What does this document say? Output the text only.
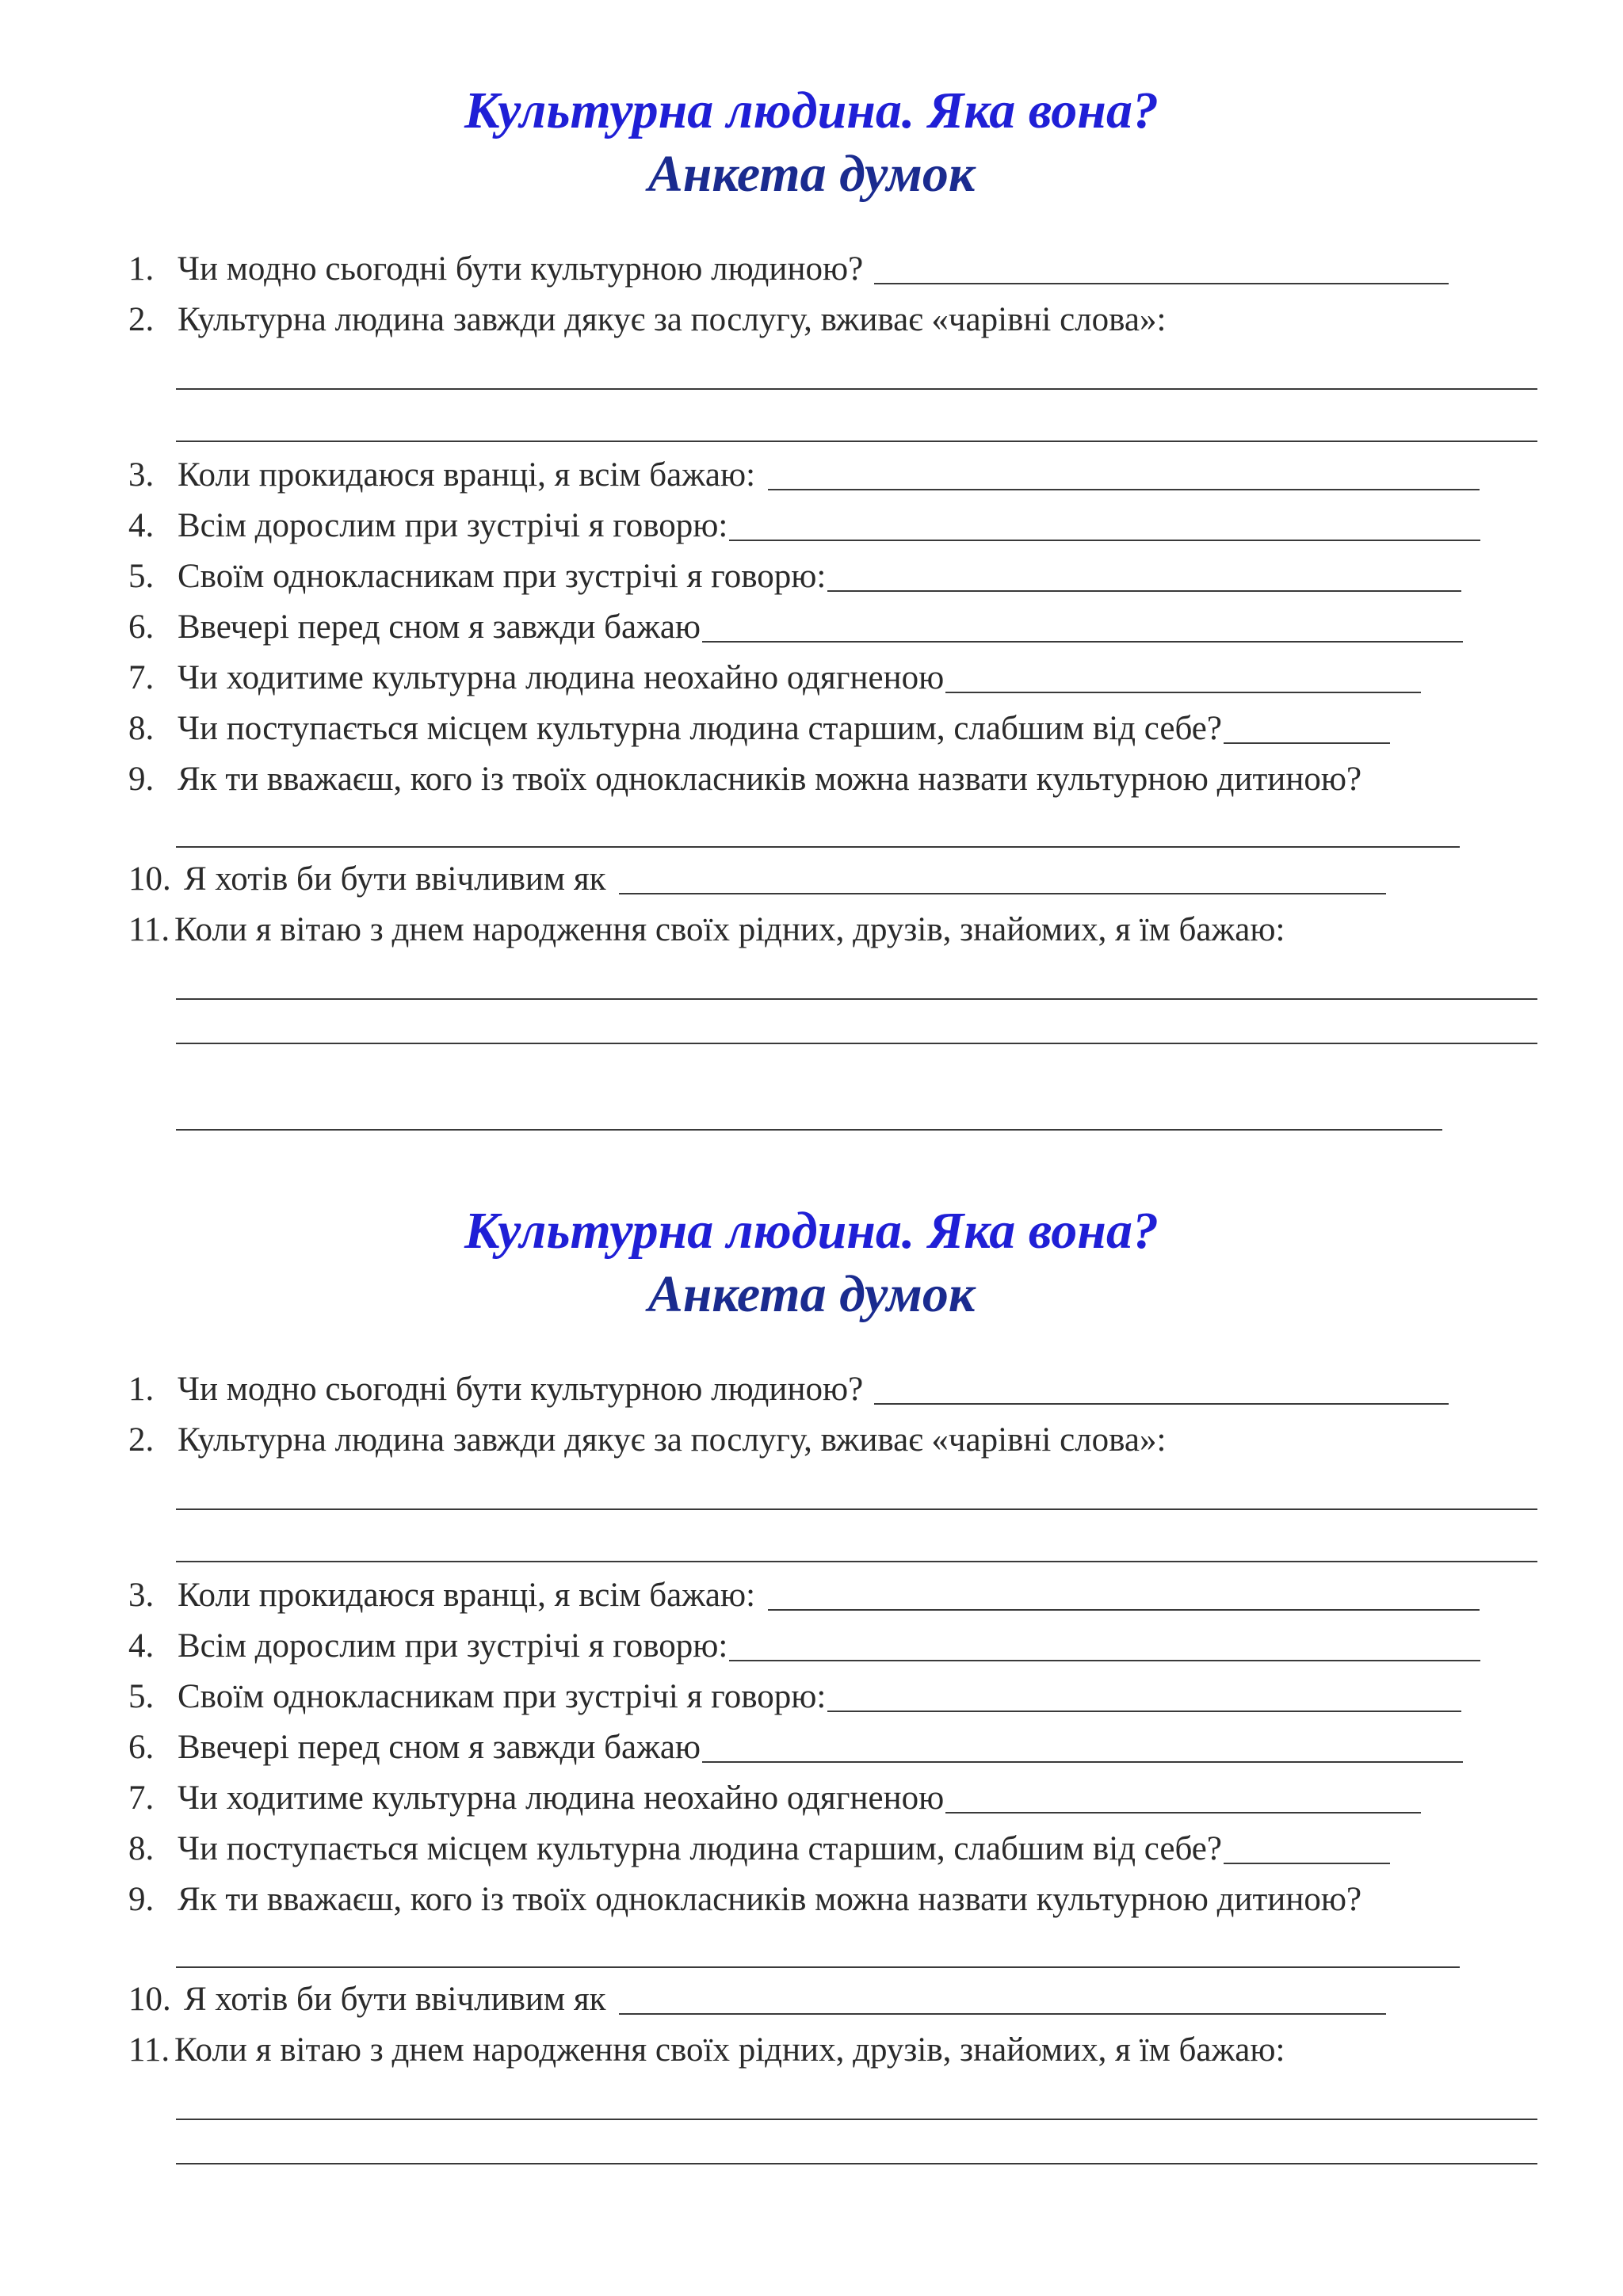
Культурна людина. Яка вона?
Анкета думок
1. Чи модно сьогодні бути культурною людиною?
2. Культурна людина завжди дякує за послугу, вживає «чарівні слова»:
3. Коли прокидаюся вранці, я всім бажаю:
4. Всім дорослим при зустрічі я говорю:
5. Своїм однокласникам при зустрічі я говорю:
6. Ввечері перед сном я завжди бажаю
7. Чи ходитиме культурна людина неохайно одягненою
8. Чи поступається місцем культурна людина старшим, слабшим від себе?
9. Як ти вважаєш, кого із твоїх однокласників можна назвати культурною дитиною?
10. Я хотів би бути ввічливим як
11. Коли я вітаю з днем народження своїх рідних, друзів, знайомих, я їм бажаю:
Культурна людина. Яка вона?
Анкета думок
1. Чи модно сьогодні бути культурною людиною?
2. Культурна людина завжди дякує за послугу, вживає «чарівні слова»:
3. Коли прокидаюся вранці, я всім бажаю:
4. Всім дорослим при зустрічі я говорю:
5. Своїм однокласникам при зустрічі я говорю:
6. Ввечері перед сном я завжди бажаю
7. Чи ходитиме культурна людина неохайно одягненою
8. Чи поступається місцем культурна людина старшим, слабшим від себе?
9. Як ти вважаєш, кого із твоїх однокласників можна назвати культурною дитиною?
10. Я хотів би бути ввічливим як
11. Коли я вітаю з днем народження своїх рідних, друзів, знайомих, я їм бажаю:
